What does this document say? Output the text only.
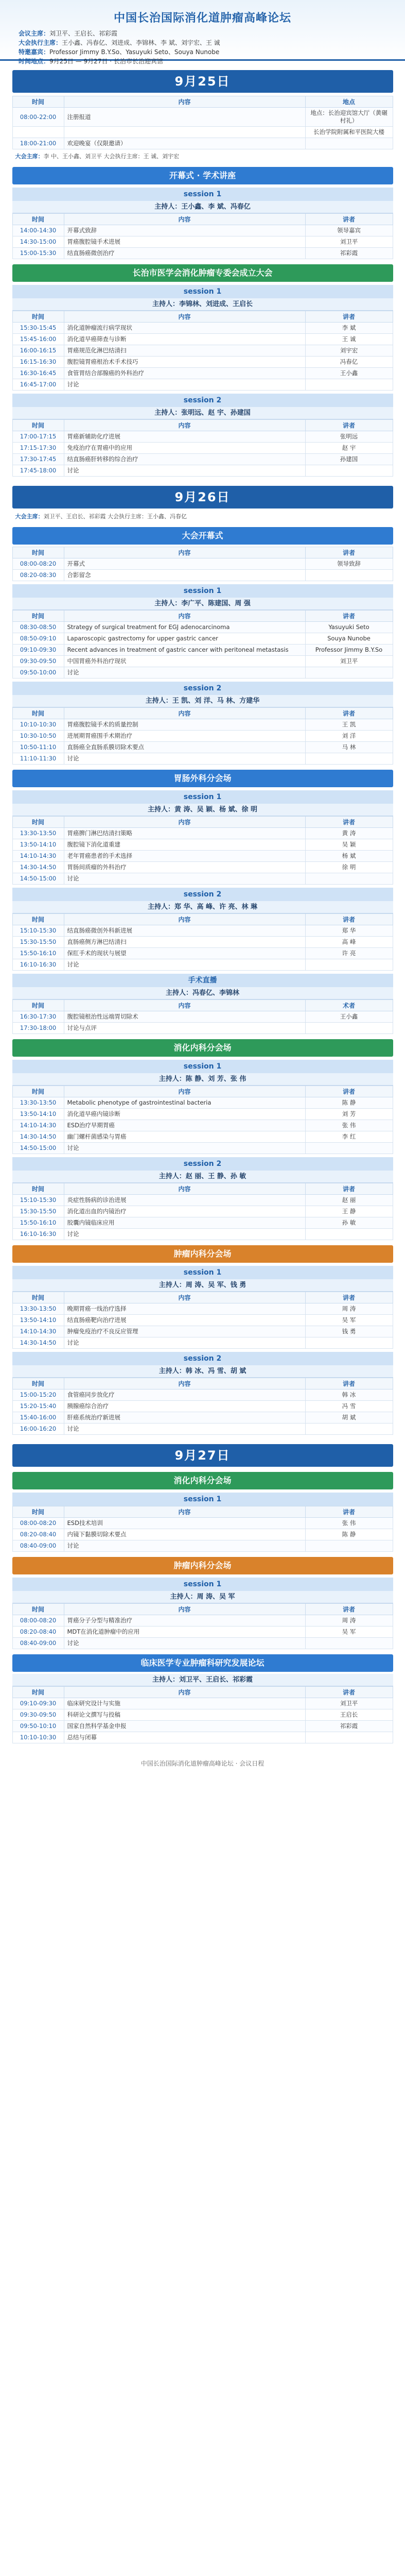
中国长治国际消化道肿瘤高峰论坛
会议主席：刘卫平、王启长、祁彩霞
大会执行主席：王小鑫、冯春亿、刘进成、李锦林、李 斌、刘宇宏、王 诚
特邀嘉宾：Professor Jimmy B.Y.So、Yasuyuki Seto、Souya Nunobe
时间地点：9月25日 — 9月27日 · 长治市长治迎宾馆
9月25日
时间	内容	地点
08:00-22:00	注册报道	地点：长治迎宾馆大厅（黄碾村礼）
		长治学院附属和平医院大楼
18:00-21:00	欢迎晚宴（仅限邀请）	
大会主席：李 中、王小鑫、刘卫平 大会执行主席：王 诚、刘宇宏
开幕式 · 学术讲座
session 1
主持人：王小鑫、李 斌、冯春亿
时间	内容	讲者
14:00-14:30	开幕式致辞	领导嘉宾
14:30-15:00	胃癌腹腔镜手术进展	刘卫平
15:00-15:30	结直肠癌微创治疗	祁彩霞
长治市医学会消化肿瘤专委会成立大会
session 1
主持人：李锦林、刘进成、王启长
时间	内容	讲者
15:30-15:45	消化道肿瘤流行病学现状	李 斌
15:45-16:00	消化道早癌筛查与诊断	王 诚
16:00-16:15	胃癌规范化淋巴结清扫	刘宇宏
16:15-16:30	腹腔镜胃癌根治术手术技巧	冯春亿
16:30-16:45	食管胃结合部腺癌的外科治疗	王小鑫
16:45-17:00	讨论	
session 2
主持人：张明远、赵 宇、孙建国
时间	内容	讲者
17:00-17:15	胃癌新辅助化疗进展	张明远
17:15-17:30	免疫治疗在胃癌中的应用	赵 宇
17:30-17:45	结直肠癌肝转移的综合治疗	孙建国
17:45-18:00	讨论	
9月26日
大会主席：刘卫平、王启长、祁彩霞 大会执行主席：王小鑫、冯春亿
大会开幕式
时间	内容	讲者
08:00-08:20	开幕式	领导致辞
08:20-08:30	合影留念	
session 1
主持人：李广平、陈建国、周 强
时间	内容	讲者
08:30-08:50	Strategy of surgical treatment for EGJ adenocarcinoma	Yasuyuki Seto
08:50-09:10	Laparoscopic gastrectomy for upper gastric cancer	Souya Nunobe
09:10-09:30	Recent advances in treatment of gastric cancer with peritoneal metastasis	Professor Jimmy B.Y.So
09:30-09:50	中国胃癌外科治疗现状	刘卫平
09:50-10:00	讨论	
session 2
主持人：王 凯、刘 洋、马 林、方建华
时间	内容	讲者
10:10-10:30	胃癌腹腔镜手术的质量控制	王 凯
10:30-10:50	进展期胃癌围手术期治疗	刘 洋
10:50-11:10	直肠癌全直肠系膜切除术要点	马 林
11:10-11:30	讨论	
胃肠外科分会场
session 1
主持人：黄 涛、吴 颖、杨 斌、徐 明
时间	内容	讲者
13:30-13:50	胃癌脾门淋巴结清扫策略	黄 涛
13:50-14:10	腹腔镜下消化道重建	吴 颖
14:10-14:30	老年胃癌患者的手术选择	杨 斌
14:30-14:50	胃肠间质瘤的外科治疗	徐 明
14:50-15:00	讨论	
session 2
主持人：郑 华、高 峰、许 亮、林 琳
时间	内容	讲者
15:10-15:30	结直肠癌微创外科新进展	郑 华
15:30-15:50	直肠癌侧方淋巴结清扫	高 峰
15:50-16:10	保肛手术的现状与展望	许 亮
16:10-16:30	讨论	
手术直播
主持人：冯春亿、李锦林
时间	内容	术者
16:30-17:30	腹腔镜根治性远端胃切除术	王小鑫
17:30-18:00	讨论与点评	
消化内科分会场
session 1
主持人：陈 静、刘 芳、张 伟
时间	内容	讲者
13:30-13:50	Metabolic phenotype of gastrointestinal bacteria	陈 静
13:50-14:10	消化道早癌内镜诊断	刘 芳
14:10-14:30	ESD治疗早期胃癌	张 伟
14:30-14:50	幽门螺杆菌感染与胃癌	李 红
14:50-15:00	讨论	
session 2
主持人：赵 丽、王 静、孙 敏
时间	内容	讲者
15:10-15:30	炎症性肠病的诊治进展	赵 丽
15:30-15:50	消化道出血的内镜治疗	王 静
15:50-16:10	胶囊内镜临床应用	孙 敏
16:10-16:30	讨论	
肿瘤内科分会场
session 1
主持人：周 涛、吴 军、钱 勇
时间	内容	讲者
13:30-13:50	晚期胃癌一线治疗选择	周 涛
13:50-14:10	结直肠癌靶向治疗进展	吴 军
14:10-14:30	肿瘤免疫治疗不良反应管理	钱 勇
14:30-14:50	讨论	
session 2
主持人：韩 冰、冯 雪、胡 斌
时间	内容	讲者
15:00-15:20	食管癌同步放化疗	韩 冰
15:20-15:40	胰腺癌综合治疗	冯 雪
15:40-16:00	肝癌系统治疗新进展	胡 斌
16:00-16:20	讨论	
9月27日
消化内科分会场
session 1
时间	内容	讲者
08:00-08:20	ESD技术培训	张 伟
08:20-08:40	内镜下黏膜切除术要点	陈 静
08:40-09:00	讨论	
肿瘤内科分会场
session 1
主持人：周 涛、吴 军
时间	内容	讲者
08:00-08:20	胃癌分子分型与精准治疗	周 涛
08:20-08:40	MDT在消化道肿瘤中的应用	吴 军
08:40-09:00	讨论	
临床医学专业肿瘤科研究发展论坛
主持人：刘卫平、王启长、祁彩霞
时间	内容	讲者
09:10-09:30	临床研究设计与实施	刘卫平
09:30-09:50	科研论文撰写与投稿	王启长
09:50-10:10	国家自然科学基金申报	祁彩霞
10:10-10:30	总结与闭幕	
中国长治国际消化道肿瘤高峰论坛 · 会议日程
